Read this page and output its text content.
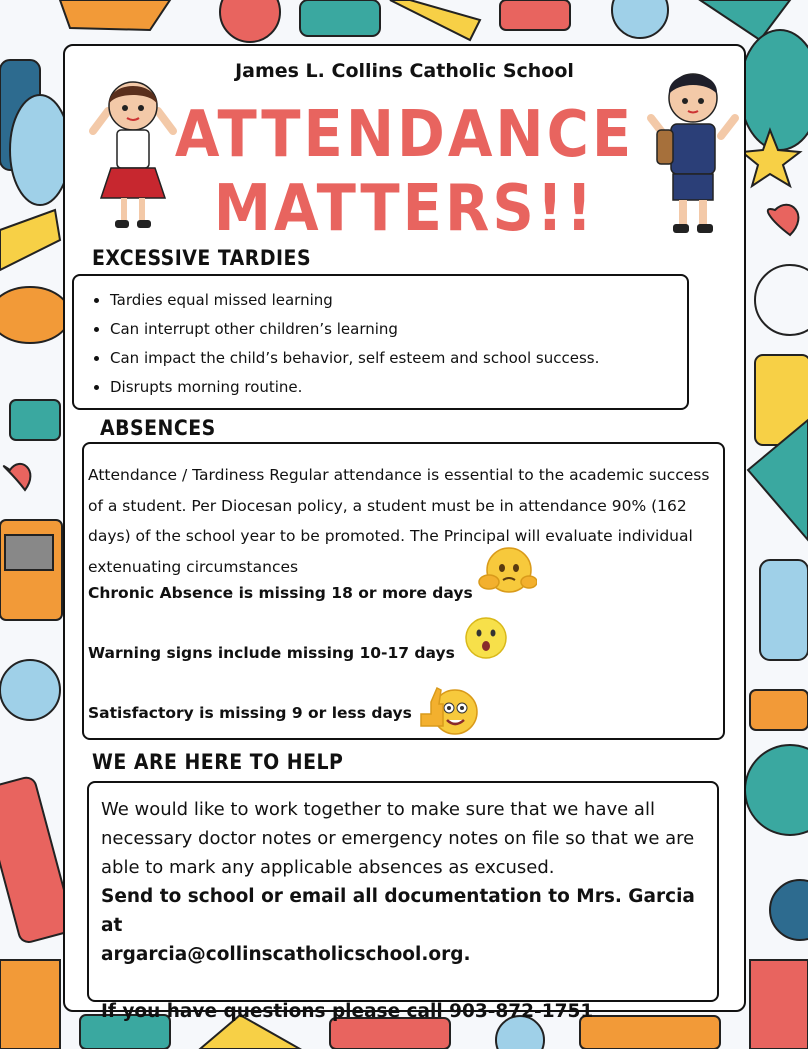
James L. Collins Catholic School
ATTENDANCE
MATTERS!!
EXCESSIVE TARDIES
• Tardies equal missed learning
• Can interrupt other children’s learning
• Can impact the child’s behavior, self esteem and school success.
• Disrupts morning routine.
ABSENCES
Attendance / Tardiness Regular attendance is essential to the academic success of a student. Per Diocesan policy, a student must be in attendance 90% (162 days) of the school year to be promoted. The Principal will evaluate individual extenuating circumstances
Chronic Absence is missing 18 or more days
Warning signs include missing 10-17 days
Satisfactory is missing 9 or less days
WE ARE HERE TO HELP
We would like to work together to make sure that we have all necessary doctor notes or emergency notes on file so that we are able to mark any applicable absences as excused.
Send to school or email all documentation to Mrs. Garcia at
argarcia@collinscatholicschool.org.
If you have questions please call 903-872-1751
